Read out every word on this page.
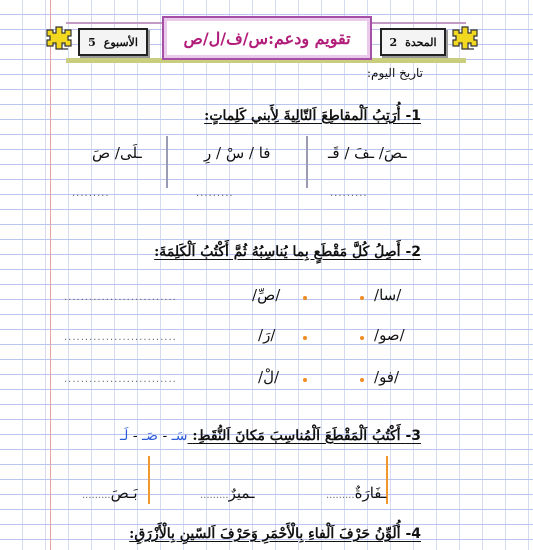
الأسبوع
5	تقويم ودعم:س/ف/ل/ص	المحدة
2
تاريخ اليوم:
1- أُرَتِبُ اَلْمقاطِعَ اَلتّالِيةَ لِأَبني كَلِماتٍ:
ـصَ/ ـفَ / قَـ
فا / سْ / رِ
ـلَى/ صَ
.........
.........
.........
2- أَصِلُ كُلَّ مَقْطَعٍ بِما يُناسِبُهُ ثُمَّ أَكْتُبُ اَلْكَلِمَةَ:
/سا/
/صو/
/فو/
/صِّ/
/رَ/
/لْ/
...........................
...........................
...........................
3- أَكْتُبُ اَلْمَقْطَعَ اَلْمُناسِبَ مَكانَ اَلنُّقَطِ: سَـ - صَـ - لَـ
ـفَارَةٌ.........
ـميرٌ.........
بَـصَ.........
4- أُلَوِّنُ حَرْفَ اَلْفاءِ بِالْأَحْمَرِ وَحَرْفَ اَلسّينِ بِالْأَزْرَقِ:
